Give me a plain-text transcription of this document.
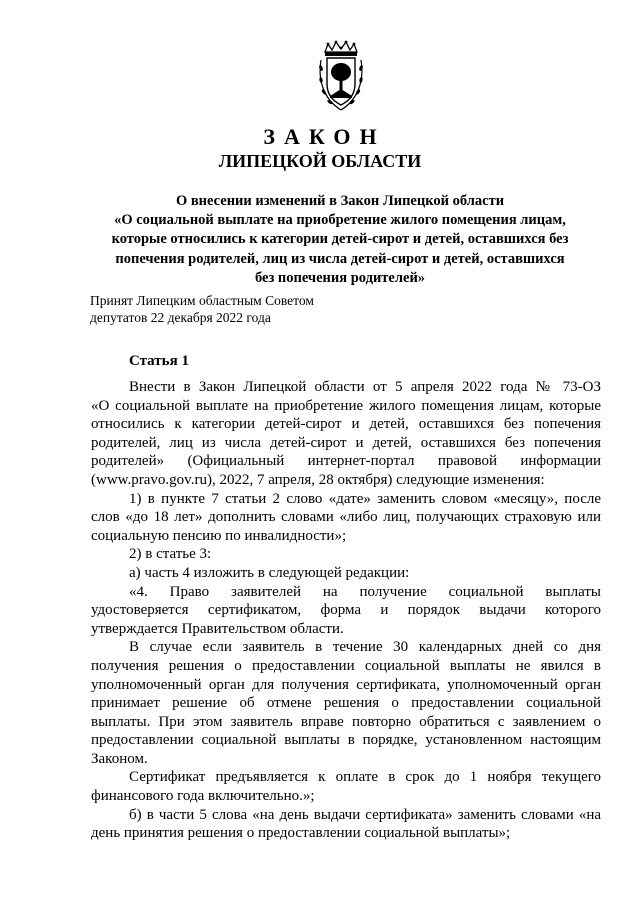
ЗАКОН
ЛИПЕЦКОЙ ОБЛАСТИ
О внесении изменений в Закон Липецкой области
«О социальной выплате на приобретение жилого помещения лицам,
которые относились к категории детей-сирот и детей, оставшихся без
попечения родителей, лиц из числа детей-сирот и детей, оставшихся
без попечения родителей»
Принят Липецким областным Советом
депутатов 22 декабря 2022 года
Статья 1

Внести в Закон Липецкой области от 5 апреля 2022 года № 73-ОЗ

«О социальной выплате на приобретение жилого помещения лицам, которые

относились к категории детей-сирот и детей, оставшихся без попечения

родителей, лиц из числа детей-сирот и детей, оставшихся без попечения

родителей» (Официальный интернет-портал правовой информации

(www.pravo.gov.ru), 2022, 7 апреля, 28 октября) следующие изменения:

1) в пункте 7 статьи 2 слово «дате» заменить словом «месяцу», после

слов «до 18 лет» дополнить словами «либо лиц, получающих страховую или

социальную пенсию по инвалидности»;

2) в статье 3:

а) часть 4 изложить в следующей редакции:

«4. Право заявителей на получение социальной выплаты

удостоверяется сертификатом, форма и порядок выдачи которого

утверждается Правительством области.

В случае если заявитель в течение 30 календарных дней со дня

получения решения о предоставлении социальной выплаты не явился в

уполномоченный орган для получения сертификата, уполномоченный орган

принимает решение об отмене решения о предоставлении социальной

выплаты. При этом заявитель вправе повторно обратиться с заявлением о

предоставлении социальной выплаты в порядке, установленном настоящим

Законом.

Сертификат предъявляется к оплате в срок до 1 ноября текущего

финансового года включительно.»;

б) в части 5 слова «на день выдачи сертификата» заменить словами «на

день принятия решения о предоставлении социальной выплаты»;
